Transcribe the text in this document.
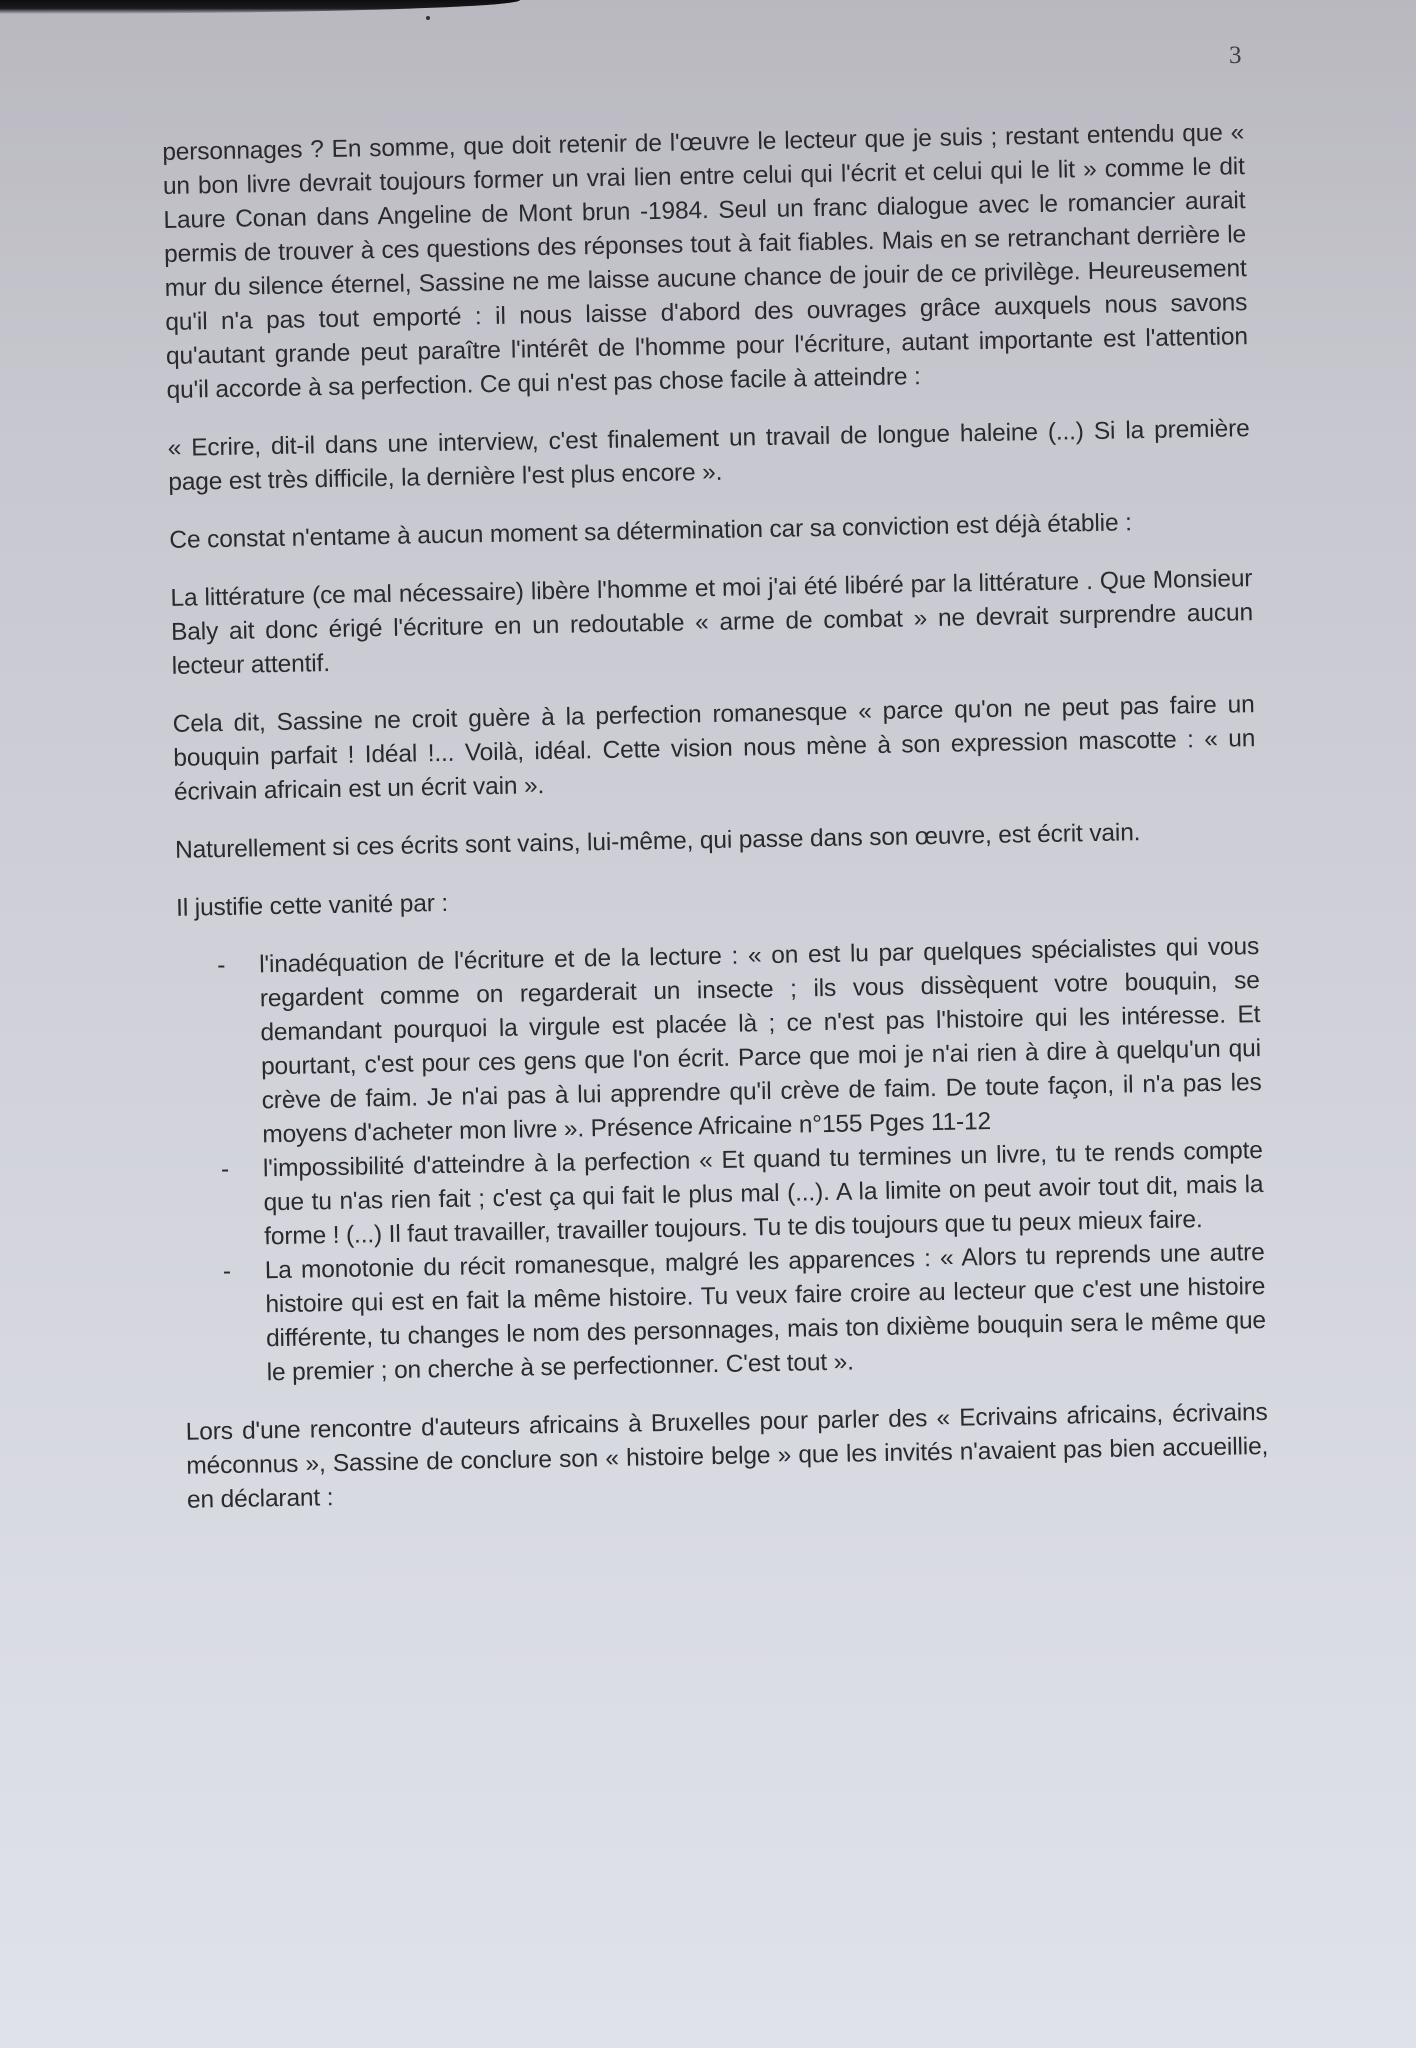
3

personnages ? En somme, que doit retenir de l'œuvre le lecteur que je suis ; restant entendu que « un bon livre devrait toujours former un vrai lien entre celui qui l'écrit et celui qui le lit » comme le dit Laure Conan dans Angeline de Mont brun -1984. Seul un franc dialogue avec le romancier aurait permis de trouver à ces questions des réponses tout à fait fiables. Mais en se retranchant derrière le mur du silence éternel, Sassine ne me laisse aucune chance de jouir de ce privilège. Heureusement qu'il n'a pas tout emporté : il nous laisse d'abord des ouvrages grâce auxquels nous savons qu'autant grande peut paraître l'intérêt de l'homme pour l'écriture, autant importante est l'attention qu'il accorde à sa perfection. Ce qui n'est pas chose facile à atteindre :

« Ecrire, dit-il dans une interview, c'est finalement un travail de longue haleine (...) Si la première page est très difficile, la dernière l'est plus encore ».

Ce constat n'entame à aucun moment sa détermination car sa conviction est déjà établie :

La littérature (ce mal nécessaire) libère l'homme et moi j'ai été libéré par la littérature . Que Monsieur Baly ait donc érigé l'écriture en un redoutable « arme de combat » ne devrait surprendre aucun lecteur attentif.

Cela dit, Sassine ne croit guère à la perfection romanesque « parce qu'on ne peut pas faire un bouquin parfait ! Idéal !... Voilà, idéal. Cette vision nous mène à son expression mascotte : « un écrivain africain est un écrit vain ».

Naturellement si ces écrits sont vains, lui-même, qui passe dans son œuvre, est écrit vain.

Il justifie cette vanité par :

- l'inadéquation de l'écriture et de la lecture : « on est lu par quelques spécialistes qui vous regardent comme on regarderait un insecte ; ils vous dissèquent votre bouquin, se demandant pourquoi la virgule est placée là ; ce n'est pas l'histoire qui les intéresse. Et pourtant, c'est pour ces gens que l'on écrit. Parce que moi je n'ai rien à dire à quelqu'un qui crève de faim. Je n'ai pas à lui apprendre qu'il crève de faim. De toute façon, il n'a pas les moyens d'acheter mon livre ». Présence Africaine n°155 Pges 11-12
- l'impossibilité d'atteindre à la perfection « Et quand tu termines un livre, tu te rends compte que tu n'as rien fait ; c'est ça qui fait le plus mal (...). A la limite on peut avoir tout dit, mais la forme ! (...) Il faut travailler, travailler toujours. Tu te dis toujours que tu peux mieux faire.
- La monotonie du récit romanesque, malgré les apparences : « Alors tu reprends une autre histoire qui est en fait la même histoire. Tu veux faire croire au lecteur que c'est une histoire différente, tu changes le nom des personnages, mais ton dixième bouquin sera le même que le premier ; on cherche à se perfectionner. C'est tout ».

Lors d'une rencontre d'auteurs africains à Bruxelles pour parler des « Ecrivains africains, écrivains méconnus », Sassine de conclure son « histoire belge » que les invités n'avaient pas bien accueillie, en déclarant :
